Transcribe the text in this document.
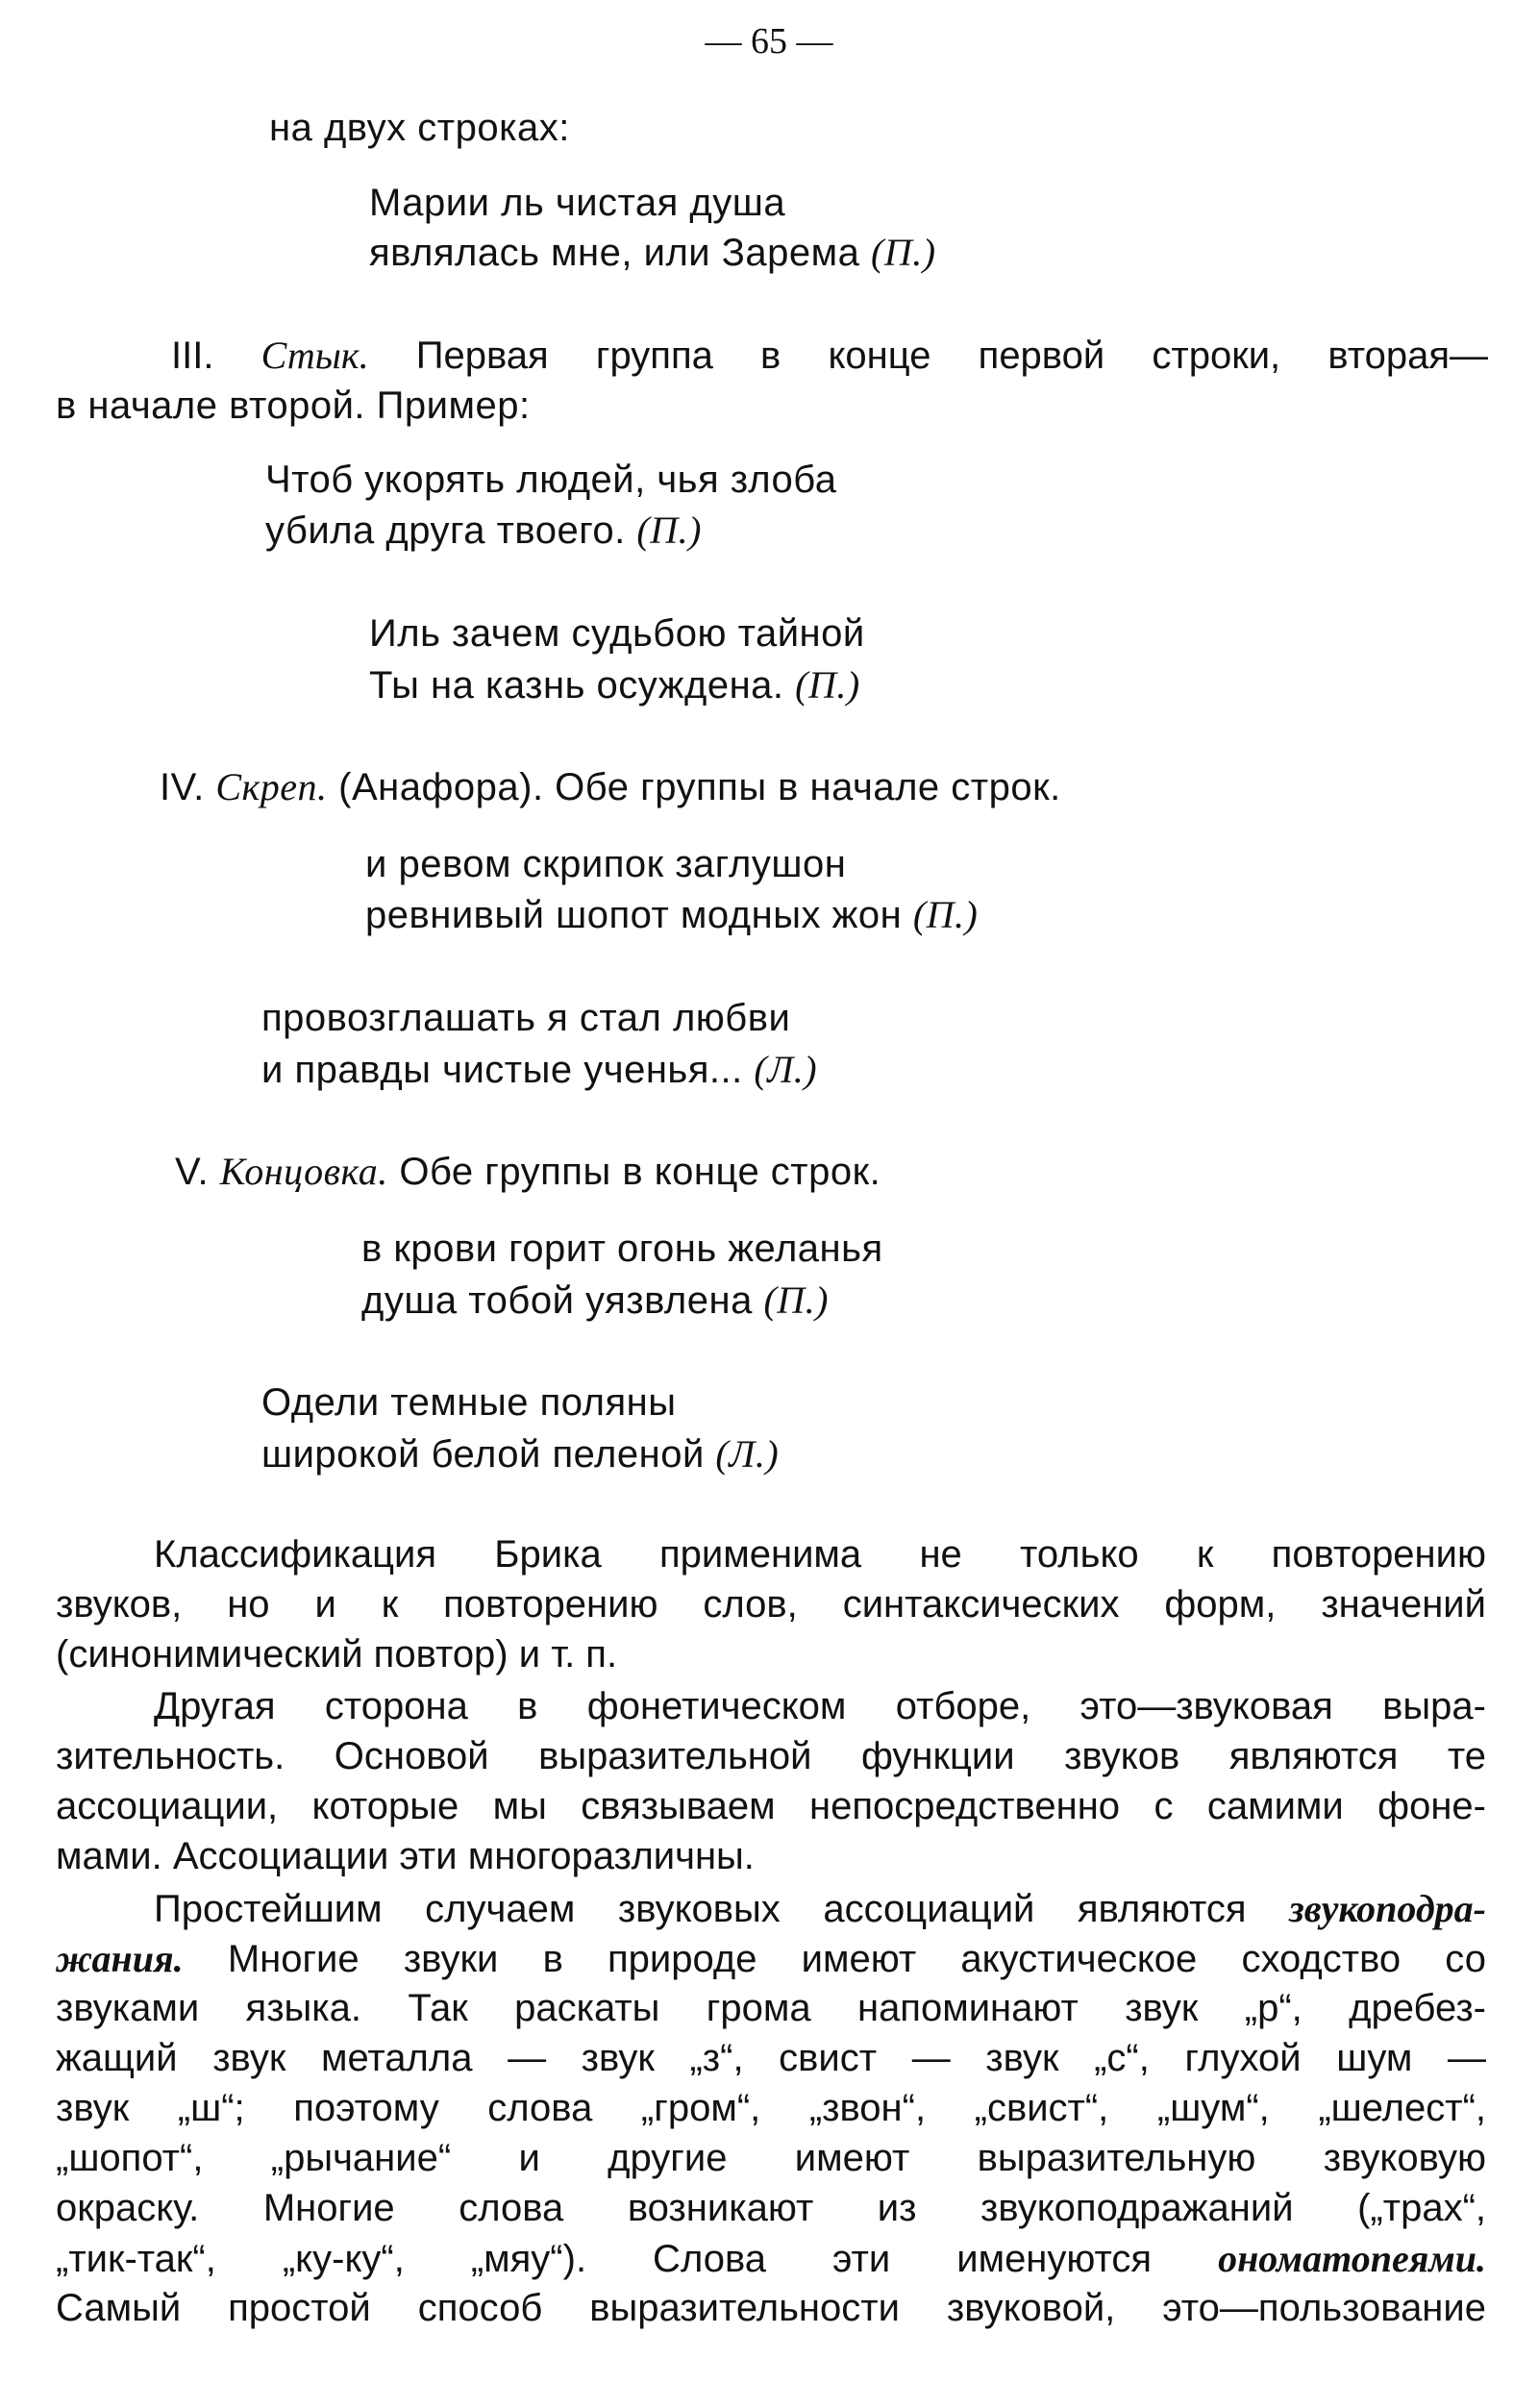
— 65 —
на двух строках:
Марии ль чистая душа
являлась мне, или Зарема (П.)
III. Стык. Первая группа в конце первой строки, вторая—
в начале второй. Пример:
Чтоб укорять людей, чья злоба
убила друга твоего. (П.)
Иль зачем судьбою тайной
Ты на казнь осуждена. (П.)
IV. Скреп. (Анафора). Обе группы в начале строк.
и ревом скрипок заглушон
ревнивый шопот модных жон (П.)
провозглашать я стал любви
и правды чистые ученья... (Л.)
V. Концовка. Обе группы в конце строк.
в крови горит огонь желанья
душа тобой уязвлена (П.)
Одели темные поляны
широкой белой пеленой (Л.)
Классификация Брика применима не только к повторению
звуков, но и к повторению слов, синтаксических форм, значений
(синонимический повтор) и т. п.
Другая сторона в фонетическом отборе, это—звуковая выра-
зительность. Основой выразительной функции звуков являются те
ассоциации, которые мы связываем непосредственно с самими фоне-
мами. Ассоциации эти многоразличны.
Простейшим случаем звуковых ассоциаций являются звукоподра-
жания. Многие звуки в природе имеют акустическое сходство со
звуками языка. Так раскаты грома напоминают звук „р“, дребез-
жащий звук металла — звук „з“, свист — звук „с“, глухой шум —
звук „ш“; поэтому слова „гром“, „звон“, „свист“, „шум“, „шелест“,
„шопот“, „рычание“ и другие имеют выразительную звуковую
окраску. Многие слова возникают из звукоподражаний („трах“,
„тик-так“, „ку-ку“, „мяу“). Слова эти именуются ономатопеями.
Самый простой способ выразительности звуковой, это—пользование
